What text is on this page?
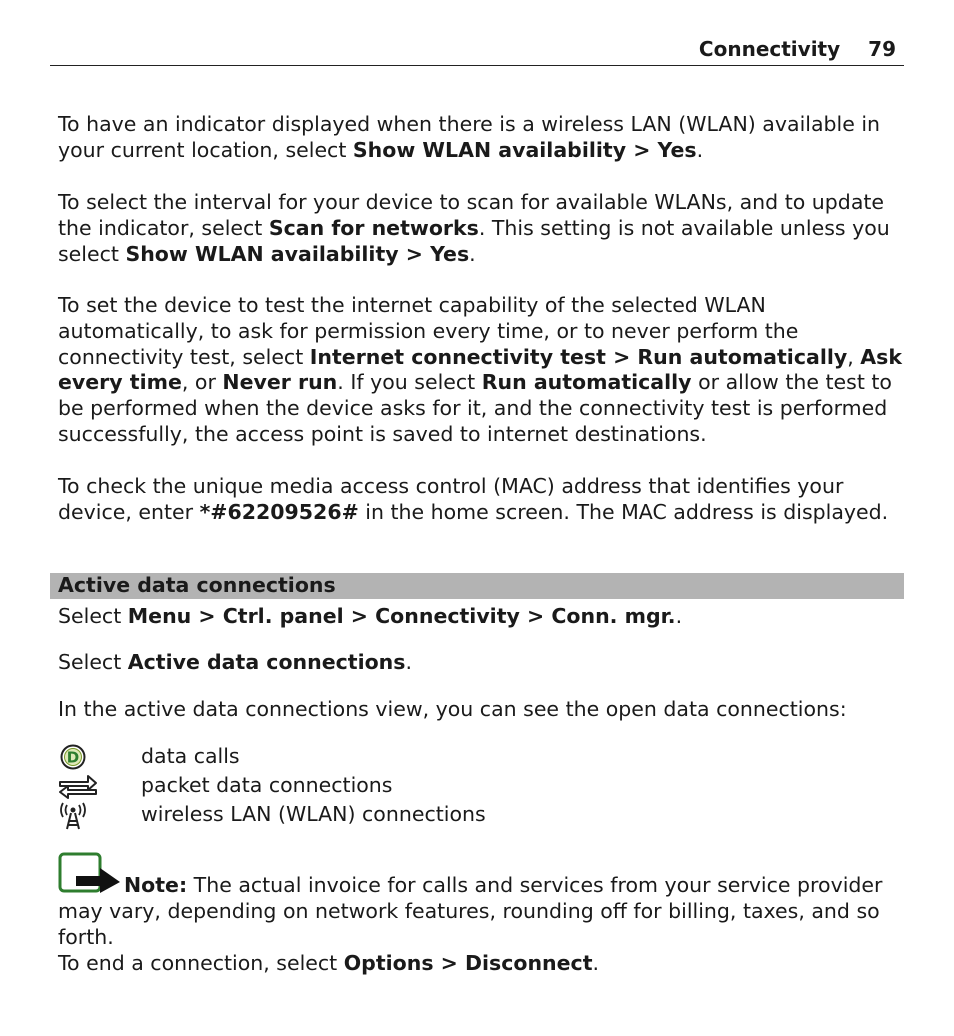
Connectivity 79

To have an indicator displayed when there is a wireless LAN (WLAN) available in your current location, select Show WLAN availability > Yes.

To select the interval for your device to scan for available WLANs, and to update the indicator, select Scan for networks. This setting is not available unless you select Show WLAN availability > Yes.

To set the device to test the internet capability of the selected WLAN automatically, to ask for permission every time, or to never perform the connectivity test, select Internet connectivity test > Run automatically, Ask every time, or Never run. If you select Run automatically or allow the test to be performed when the device asks for it, and the connectivity test is performed successfully, the access point is saved to internet destinations.

To check the unique media access control (MAC) address that identifies your device, enter *#62209526# in the home screen. The MAC address is displayed.

Active data connections

Select Menu > Ctrl. panel > Connectivity > Conn. mgr..

Select Active data connections.

In the active data connections view, you can see the open data connections:

D	data calls
packet data connections
wireless LAN (WLAN) connections

Note: The actual invoice for calls and services from your service provider may vary, depending on network features, rounding off for billing, taxes, and so forth.

To end a connection, select Options > Disconnect.
